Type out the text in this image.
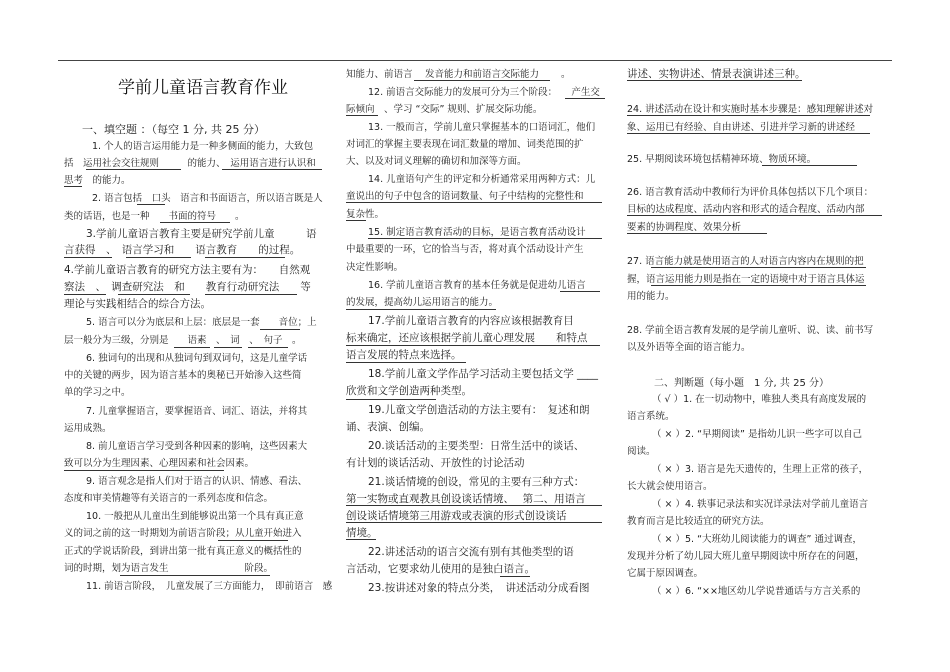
学前儿童语言教育作业
一、填空题 ：（每空 1 分, 共 25 分）
1. 个人的语言运用能力是一种多侧面的能力，大致包
括　运用社会交往规则　　　的能力、　运用语言进行认识和
思考　的能力。
2. 语言包括　口头　语言和书面语言，所以语言既是人
类的话语，也是一种　　书面的符号　　。
3.学前儿童语言教育主要是研究学前儿童　　　语
言获得　、　语言学习和　　语言教育　　的过程。
4.学前儿童语言教育的研究方法主要有为：　　自然观
察法　、　调查研究法　和　　教育行动研究法　　等
理论与实践相结合的综合方法。
5. 语言可以分为底层和上层：底层是一套　　音位；上
层一般分为三级，分别是　　语素　、　词　、　句子　。
6. 独词句的出现和从独词句到双词句，这是儿童学话
中的关键的两步，因为语言基本的奥秘已开始渗入这些简
单的学习之中。
7. 儿童掌握语言，要掌握语音、词汇、语法，并将其
运用成熟。
8. 前儿童语言学习受到各种因素的影响，这些因素大
致可以分为生理因素、心理因素和社会因素。
9. 语言观念是指人们对于语言的认识、情感、看法、
态度和审美情趣等有关语言的一系列态度和信念。
10. 一般把从儿童出生到能够说出第一个具有真正意
义的词之前的这一时期划为前语言阶段；从儿童开始进入
正式的学说话阶段，到讲出第一批有真正意义的概括性的
词的时期，划为语言发生　　　　　　　　阶段。
11. 前语言阶段，　儿童发展了三方面能力，　即前语言　感
知能力、前语言　 发音能力和前语言交际能力　　 。
12. 前语言交际能力的发展可分为三个阶段：　　产生交
际倾向　、学习 “交际” 规则、扩展交际功能。
13. 一般而言，学前儿童只掌握基本的口语词汇，他们
对词汇的掌握主要表现在词汇数量的增加、词类范围的扩
大、以及对词义理解的确切和加深等方面。
14. 儿童语句产生的评定和分析通常采用两种方式：儿
童说出的句子中包含的语词数量、句子中结构的完整性和
复杂性。
15. 制定语言教育活动的目标，是语言教育活动设计
中最重要的一环，它的恰当与否，将对真个活动设计产生
决定性影响。
16. 学前儿童语言教育的基本任务就是促进幼儿语言
的发展，提高幼儿运用语言的能力。
17.学前儿童语言教育的内容应该根据教育目
标来确定，还应该根据学前儿童心理发展　　和特点
语言发展的特点来选择。
18.学前儿童文学作品学习活动主要包括文学 ____
欣赏和文学创造两种类型。
19.儿童文学创造活动的方法主要有：　复述和朗
诵、表演、创编。
20.谈话活动的主要类型：日常生活中的谈话、
有计划的谈话活动、开放性的讨论活动
21.谈话情境的创设，常见的主要有三种方式：
第一实物或直观教具创设谈话情境、　 第二、用语言
创设谈话情境第三用游戏或表演的形式创设谈话
情境。
22.讲述活动的语言交流有别有其他类型的语
言活动，它要求幼儿使用的是独白语言。
23.按讲述对象的特点分类，　讲述活动分成看图
讲述、实物讲述、情景表演讲述三种。
24. 讲述活动在设计和实施时基本步骤是：感知理解讲述对
象、运用已有经验、自由讲述、引进并学习新的讲述经
25. 早期阅读环境包括精神环境、物质环境。
26. 语言教育活动中教师行为评价具体包括以下几个项目：
目标的达成程度、活动内容和形式的适合程度、活动内部
要素的协调程度、效果分析
27. 语言能力就是使用语言的人对语言内容内在规则的把
握，语言运用能力则是指在一定的语境中对于语言具体运
用的能力。
28. 学前全语言教育发展的是学前儿童听、说、读、前书写
以及外语等全面的语言能力。
二、判断题（每小题　1 分, 共 25 分）
（ √ ）1. 在一切动物中，唯独人类具有高度发展的
语言系统。
（ × ）2. “早期阅读” 是指幼儿识一些字可以自己
阅读。
（ × ）3. 语言是先天遗传的，生理上正常的孩子，
长大就会使用语言。
（ × ）4. 轶事记录法和实况详录法对学前儿童语言
教育而言是比较适宜的研究方法。
（ × ）5. “大班幼儿阅读能力的调查” 通过调查，
发现并分析了幼儿园大班儿童早期阅读中所存在的问题，
它属于原因调查。
（ × ）6. “××地区幼儿学说普通话与方言关系的
